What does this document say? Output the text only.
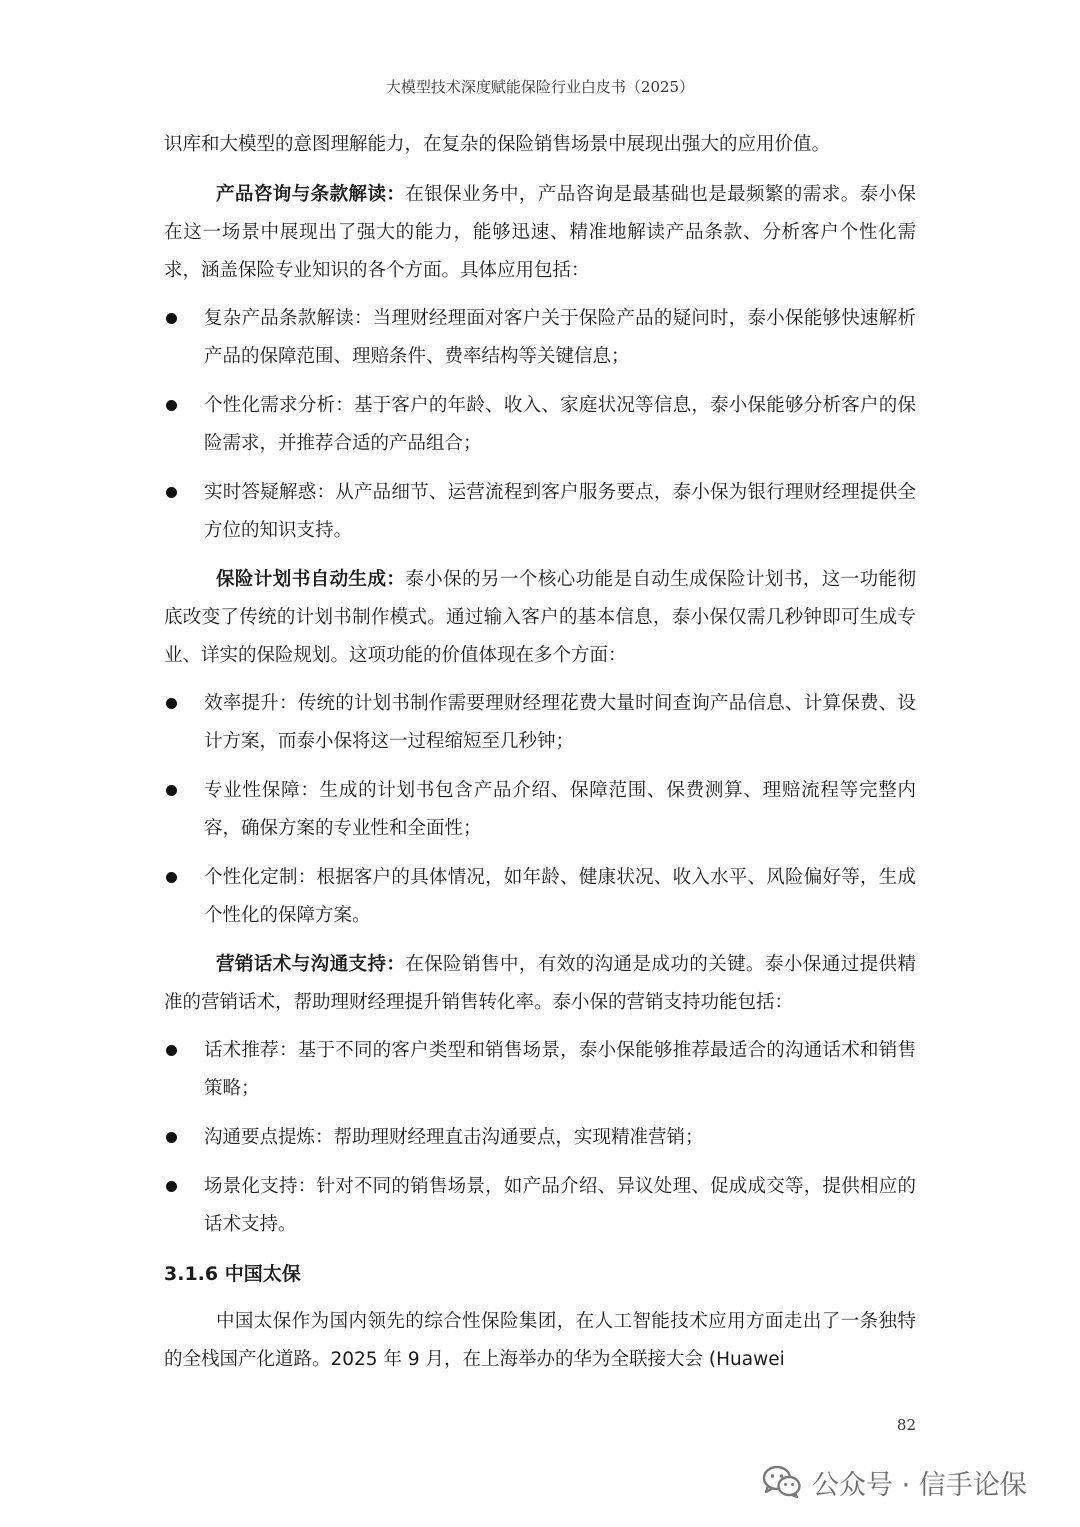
大模型技术深度赋能保险行业白皮书（2025）

识库和大模型的意图理解能力，在复杂的保险销售场景中展现出强大的应用价值。

产品咨询与条款解读：在银保业务中，产品咨询是最基础也是最频繁的需求。泰小保在这一场景中展现出了强大的能力，能够迅速、精准地解读产品条款、分析客户个性化需求，涵盖保险专业知识的各个方面。具体应用包括：

复杂产品条款解读：当理财经理面对客户关于保险产品的疑问时，泰小保能够快速解析产品的保障范围、理赔条件、费率结构等关键信息；
个性化需求分析：基于客户的年龄、收入、家庭状况等信息，泰小保能够分析客户的保险需求，并推荐合适的产品组合；
实时答疑解惑：从产品细节、运营流程到客户服务要点，泰小保为银行理财经理提供全方位的知识支持。

保险计划书自动生成：泰小保的另一个核心功能是自动生成保险计划书，这一功能彻底改变了传统的计划书制作模式。通过输入客户的基本信息，泰小保仅需几秒钟即可生成专业、详实的保险规划。这项功能的价值体现在多个方面：

效率提升：传统的计划书制作需要理财经理花费大量时间查询产品信息、计算保费、设计方案，而泰小保将这一过程缩短至几秒钟；
专业性保障：生成的计划书包含产品介绍、保障范围、保费测算、理赔流程等完整内容，确保方案的专业性和全面性；
个性化定制：根据客户的具体情况，如年龄、健康状况、收入水平、风险偏好等，生成个性化的保障方案。

营销话术与沟通支持：在保险销售中，有效的沟通是成功的关键。泰小保通过提供精准的营销话术，帮助理财经理提升销售转化率。泰小保的营销支持功能包括：

话术推荐：基于不同的客户类型和销售场景，泰小保能够推荐最适合的沟通话术和销售策略；
沟通要点提炼：帮助理财经理直击沟通要点，实现精准营销；
场景化支持：针对不同的销售场景，如产品介绍、异议处理、促成成交等，提供相应的话术支持。
3.1.6 中国太保

中国太保作为国内领先的综合性保险集团，在人工智能技术应用方面走出了一条独特的全栈国产化道路。2025 年 9 月，在上海举办的华为全联接大会 (Huawei

82
公众号 · 信手论保
